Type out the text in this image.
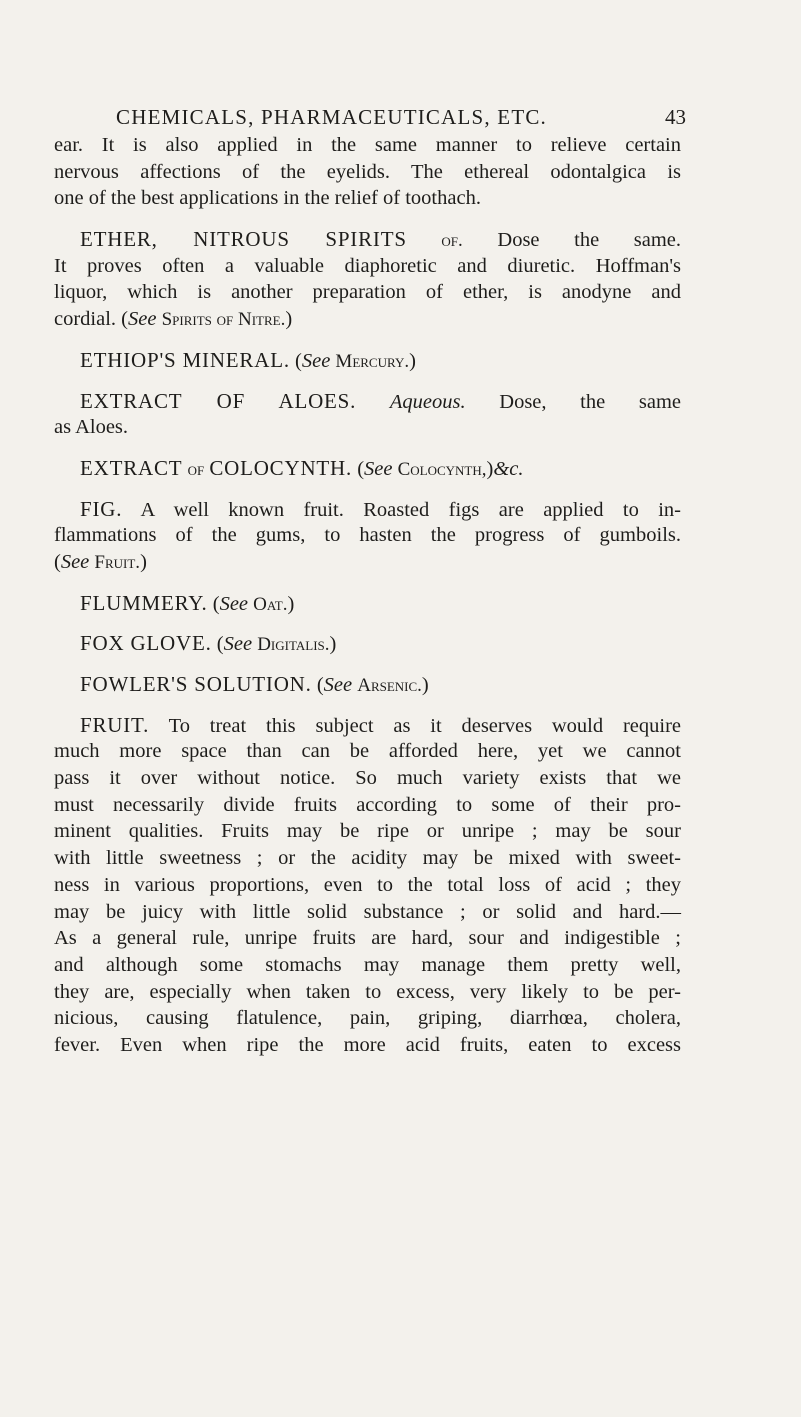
CHEMICALS, PHARMACEUTICALS, ETC.	43

ear. It is also applied in the same manner to relieve certain
nervous affections of the eyelids. The ethereal odontalgica is
one of the best applications in the relief of toothach.

ETHER, NITROUS SPIRITS of. Dose the same.
It proves often a valuable diaphoretic and diuretic. Hoffman's
liquor, which is another preparation of ether, is anodyne and
cordial. (See Spirits of Nitre.)

ETHIOP'S MINERAL. (See Mercury.)

EXTRACT OF ALOES. Aqueous. Dose, the same
as Aloes.

EXTRACT of COLOCYNTH. (See Colocynth,)&c.

FIG. A well known fruit. Roasted figs are applied to in-
flammations of the gums, to hasten the progress of gumboils.
(See Fruit.)

FLUMMERY. (See Oat.)

FOX GLOVE. (See Digitalis.)

FOWLER'S SOLUTION. (See Arsenic.)

FRUIT. To treat this subject as it deserves would require
much more space than can be afforded here, yet we cannot
pass it over without notice. So much variety exists that we
must necessarily divide fruits according to some of their pro-
minent qualities. Fruits may be ripe or unripe ; may be sour
with little sweetness ; or the acidity may be mixed with sweet-
ness in various proportions, even to the total loss of acid ; they
may be juicy with little solid substance ; or solid and hard.—
As a general rule, unripe fruits are hard, sour and indigestible ;
and although some stomachs may manage them pretty well,
they are, especially when taken to excess, very likely to be per-
nicious, causing flatulence, pain, griping, diarrhœa, cholera,
fever. Even when ripe the more acid fruits, eaten to excess
